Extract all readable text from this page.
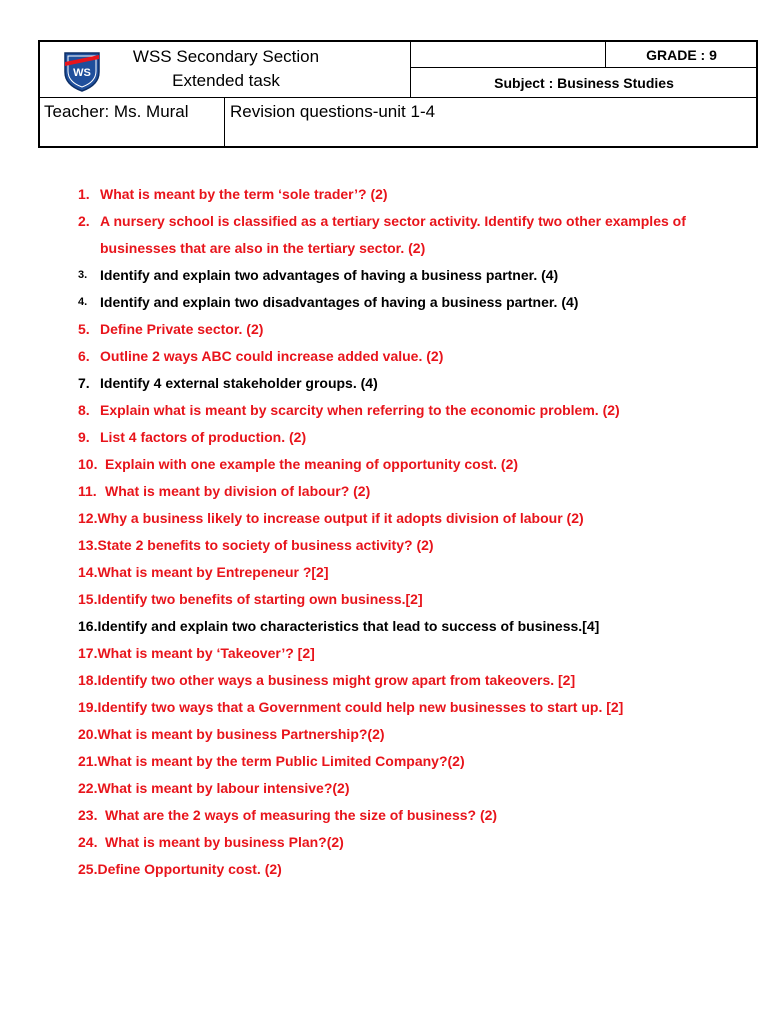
WS
WSS Secondary Section
Extended task
GRADE : 9
Subject : Business Studies
Teacher: Ms. Mural Revision questions-unit 1-4
1. What is meant by the term ‘sole trader’? (2)
2. A nursery school is classified as a tertiary sector activity. Identify two other examples of businesses that are also in the tertiary sector. (2)
3. Identify and explain two advantages of having a business partner. (4)
4. Identify and explain two disadvantages of having a business partner. (4)
5. Define Private sector. (2)
6. Outline 2 ways ABC could increase added value. (2)
7. Identify 4 external stakeholder groups. (4)
8. Explain what is meant by scarcity when referring to the economic problem. (2)
9. List 4 factors of production. (2)
10. Explain with one example the meaning of opportunity cost. (2)
11. What is meant by division of labour? (2)
12. Why a business likely to increase output if it adopts division of labour (2)
13. State 2 benefits to society of business activity? (2)
14. What is meant by Entrepeneur ?[2]
15. Identify two benefits of starting own business.[2]
16. Identify and explain two characteristics that lead to success of business.[4]
17. What is meant by ‘Takeover’? [2]
18. Identify two other ways a business might grow apart from takeovers. [2]
19. Identify two ways that a Government could help new businesses to start up. [2]
20. What is meant by business Partnership?(2)
21. What is meant by the term Public Limited Company?(2)
22. What is meant by labour intensive?(2)
23. What are the 2 ways of measuring the size of business? (2)
24. What is meant by business Plan?(2)
25. Define Opportunity cost. (2)
